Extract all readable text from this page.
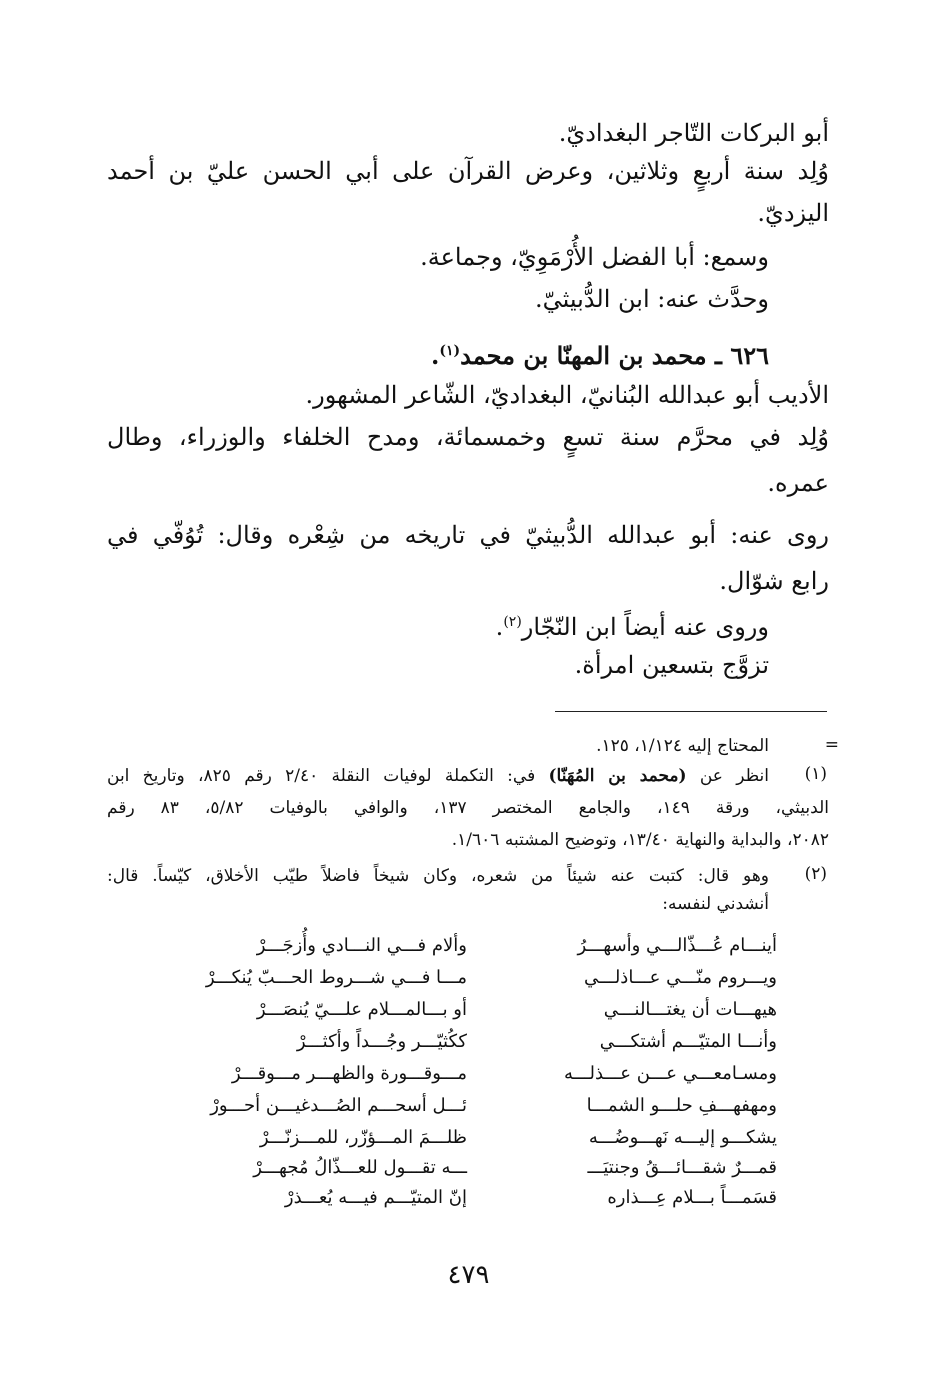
أبو البركات التّاجر البغداديّ.
وُلِد سنة أربعٍ وثلاثين، وعرض القرآن على أبي الحسن عليّ بن أحمد
اليزديّ.
وسمع: أبا الفضل الأُرْمَوِيّ، وجماعة.
وحدَّث عنه: ابن الدُّبيثيّ.
٦٢٦ ـ محمد بن المهنّا بن محمد$^{(١)}$.
الأديب أبو عبدالله البُنانيّ، البغداديّ، الشّاعر المشهور.
وُلِد في محرَّم سنة تسعٍ وخمسمائة، ومدح الخلفاء والوزراء، وطال
عمره.
روى عنه: أبو عبدالله الدُّبيثيّ في تاريخه من شِعْره وقال: تُوُفّي في
رابع شوّال.
وروى عنه أيضاً ابن النّجّار$^{(٢)}$.
تزوَّج بتسعين امرأة.
=
المحتاج إليه ١/١٢٤، ١٢٥.
(١)
انظر عن (محمد بن المُهَنّا) في: التكملة لوفيات النقلة ٢/٤٠ رقم ٨٢٥، وتاريخ ابن
الدبيثي، ورقة ١٤٩، والجامع المختصر ١٣٧، والوافي بالوفيات ٥/٨٢، ٨٣ رقم
٢٠٨٢، والبداية والنهاية ١٣/٤٠، وتوضيح المشتبه ١/٦٠٦.
(٢)
وهو قال: كتبت عنه شيئاً من شعره، وكان شيخاً فاضلاً طيّب الأخلاق، كيّساً. قال:
أنشدني لنفسه:
أينـــام عُـــذّالـــي وأسهـــرُ
وألام فـــي النـــادي وأُزجَـــرْ
ويـــروم منّـــي عـــاذلـــي
مـــا فـــي شـــروط الحـــبّ يُنكـــرْ
هيهـــات أن يغتـــالنـــي
أو بـــالمـــلام علـــيّ يُنصَـــرْ
وأنـــا المتيّـــم أشتكـــي
ككُثيّـــر وجُـــداً وأكثـــرْ
ومسـامعـــي عـــن عـــذلـــه
مـــوقـــورة والظهـــر مـــوقـــرْ
ومهفهـــفِ حلـــو الشمـــا
ئـــل أسحـــم الصُـــدغيـــن أحـــورْ
يشكـــو إليـــه نَهـــوضُـــه
ظلـــمَ المـــؤزّر، للمـــزنّـــرْ
قمـــرٌ شقـــائـــقُ وجنتيَـــ
ـــه تقـــول للعـــذّالُ مُجهـــرْ
قسَمـــاً بـــلام عِـــذاره
إنّ المتيّـــم فيـــه يُعـــذرْ
٤٧٩
